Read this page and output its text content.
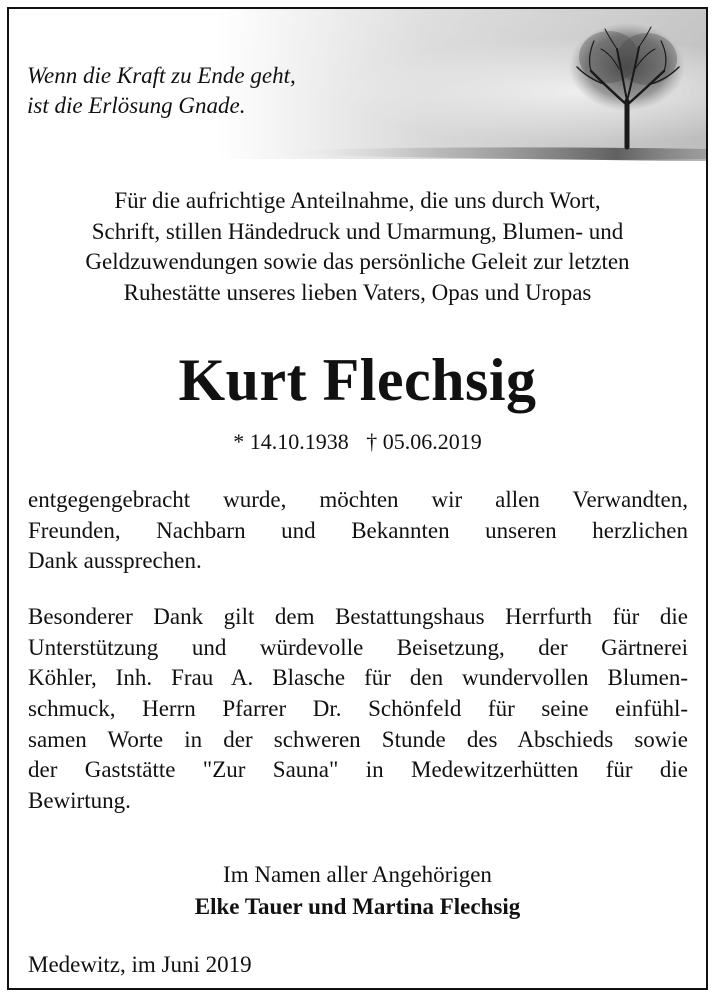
Wenn die Kraft zu Ende geht,
ist die Erlösung Gnade.
Für die aufrichtige Anteilnahme, die uns durch Wort,
Schrift, stillen Händedruck und Umarmung, Blumen- und
Geldzuwendungen sowie das persönliche Geleit zur letzten
Ruhestätte unseres lieben Vaters, Opas und Uropas
Kurt Flechsig
* 14.10.1938 † 05.06.2019
entgegengebracht wurde, möchten wir allen Verwandten,
Freunden, Nachbarn und Bekannten unseren herzlichen
Dank aussprechen.
Besonderer Dank gilt dem Bestattungshaus Herrfurth für die
Unterstützung und würdevolle Beisetzung, der Gärtnerei
Köhler, Inh. Frau A. Blasche für den wundervollen Blumen-
schmuck, Herrn Pfarrer Dr. Schönfeld für seine einfühl-
samen Worte in der schweren Stunde des Abschieds sowie
der Gaststätte "Zur Sauna" in Medewitzerhütten für die
Bewirtung.
Im Namen aller Angehörigen
Elke Tauer und Martina Flechsig
Medewitz, im Juni 2019
